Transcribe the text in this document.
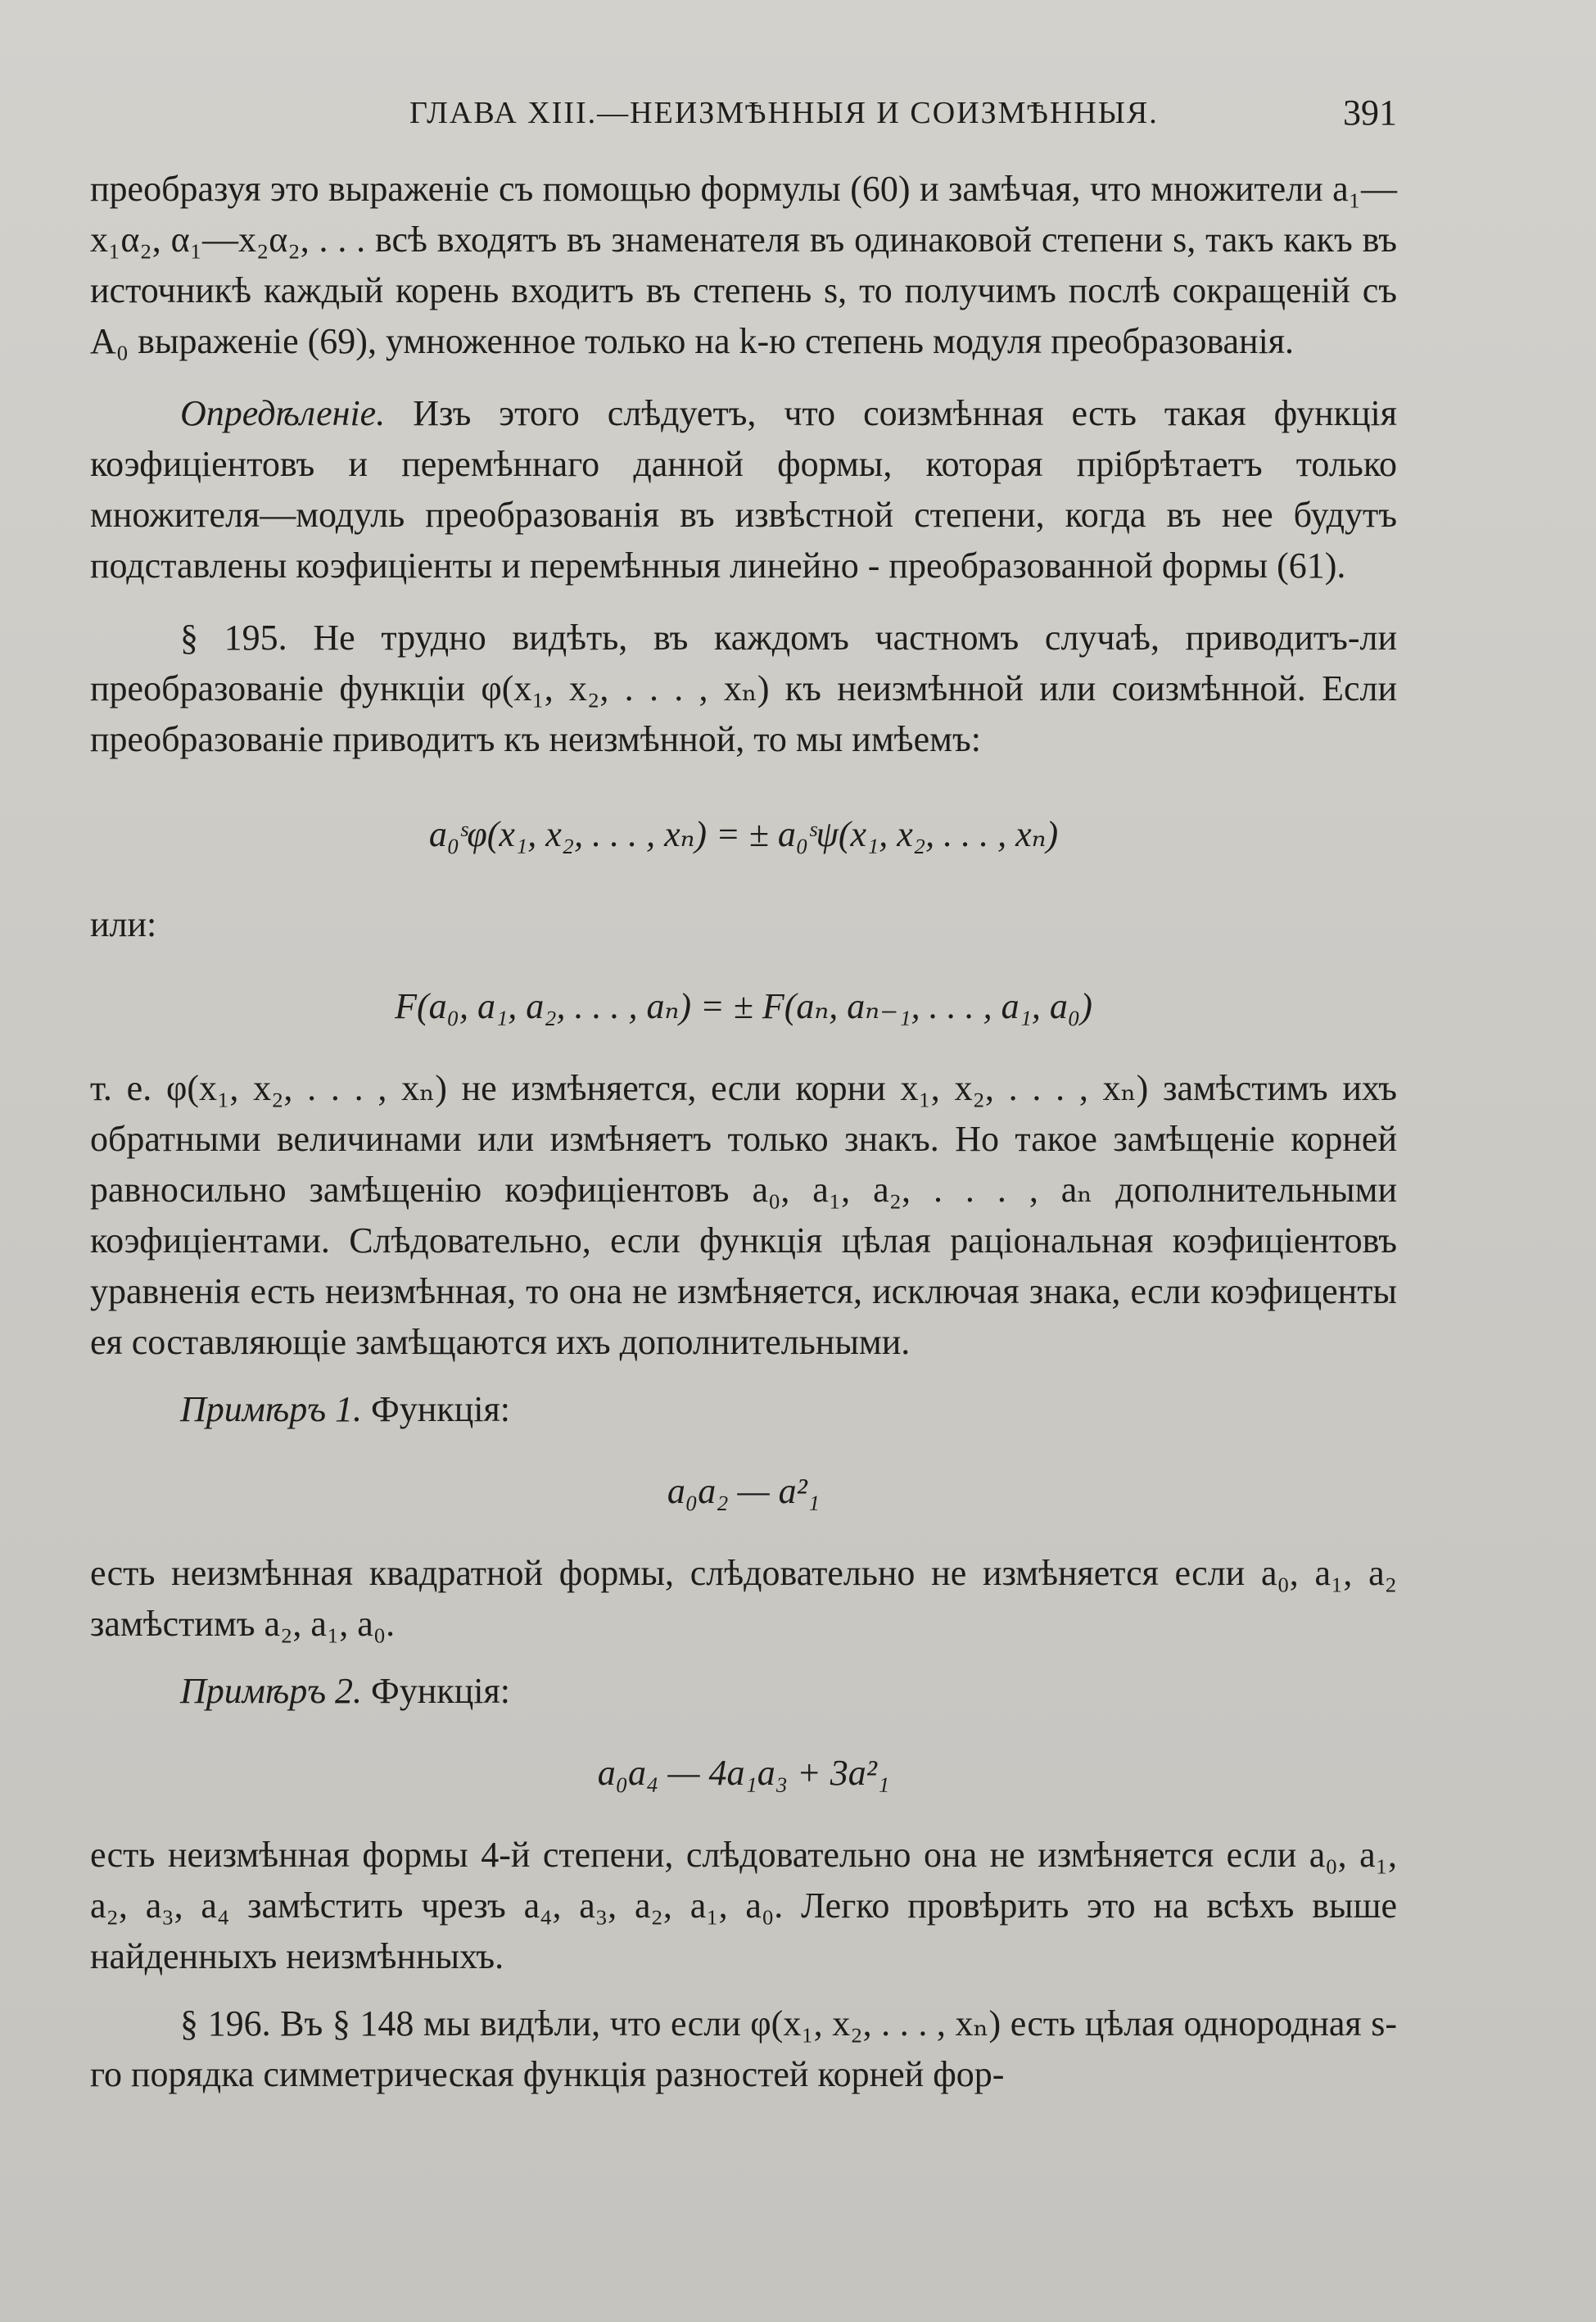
ГЛАВА XIII.—НЕИЗМѢННЫЯ И СОИЗМѢННЫЯ.	391

преобразуя это выраженіе съ помощью формулы (60) и замѣчая, что множители a₁—x₁α₂, α₁—x₂α₂, . . . всѣ входятъ въ знаменателя въ одинаковой степени s, такъ какъ въ источникѣ каждый корень входитъ въ степень s, то получимъ послѣ сокращеній съ A₀ выраженіе (69), умноженное только на k-ю степень модуля преобразованія.

Опредѣленіе. Изъ этого слѣдуетъ, что соизмѣнная есть такая функція коэфиціентовъ и перемѣннаго данной формы, которая прiбрѣтаетъ только множителя—модуль преобразованія въ извѣстной степени, когда въ нее будутъ подставлены коэфиціенты и перемѣнныя линейно - преобразованной формы (61).

§ 195. Не трудно видѣть, въ каждомъ частномъ случаѣ, приводитъ-ли преобразованіе функціи φ(x₁, x₂, . . . , xₙ) къ неизмѣнной или соизмѣнной. Если преобразованіе приводитъ къ неизмѣнной, то мы имѣемъ:

a₀ˢφ(x₁, x₂, . . . , xₙ) = ± a₀ˢψ(x₁, x₂, . . . , xₙ)

или:

F(a₀, a₁, a₂, . . . , aₙ) = ± F(aₙ, aₙ₋₁, . . . , a₁, a₀)

т. е. φ(x₁, x₂, . . . , xₙ) не измѣняется, если корни x₁, x₂, . . . , xₙ) замѣстимъ ихъ обратными величинами или измѣняетъ только знакъ. Но такое замѣщеніе корней равносильно замѣщенію коэфиціентовъ a₀, a₁, a₂, . . . , aₙ дополнительными коэфиціентами. Слѣдовательно, если функція цѣлая раціональная коэфиціентовъ уравненія есть неизмѣнная, то она не измѣняется, исключая знака, если коэфиценты ея составляющіе замѣщаются ихъ дополнительными.

Примѣръ 1. Функція:

a₀a₂ — a²₁

есть неизмѣнная квадратной формы, слѣдовательно не измѣняется если a₀, a₁, a₂ замѣстимъ a₂, a₁, a₀.

Примѣръ 2. Функція:

a₀a₄ — 4a₁a₃ + 3a²₁

есть неизмѣнная формы 4-й степени, слѣдовательно она не измѣняется если a₀, a₁, a₂, a₃, a₄ замѣстить чрезъ a₄, a₃, a₂, a₁, a₀. Легко провѣрить это на всѣхъ выше найденныхъ неизмѣнныхъ.

§ 196. Въ § 148 мы видѣли, что если φ(x₁, x₂, . . . , xₙ) есть цѣлая однородная s-го порядка симметрическая функція разностей корней фор-
